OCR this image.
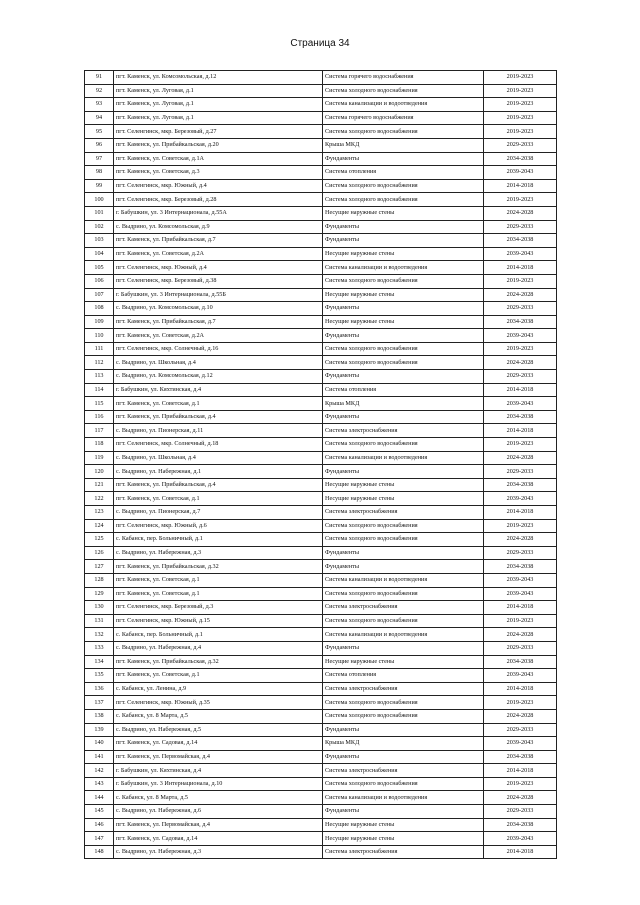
Страница 34
91	пгт. Каменск, ул. Комсомольская, д.12	Система горячего водоснабжения	2019-2023
92	пгт. Каменск, ул. Луговая, д.1	Система холодного водоснабжения	2019-2023
93	пгт. Каменск, ул. Луговая, д.1	Система канализации и водоотведения	2019-2023
94	пгт. Каменск, ул. Луговая, д.1	Система горячего водоснабжения	2019-2023
95	пгт. Селенгинск, мкр. Березовый, д.27	Система холодного водоснабжения	2019-2023
96	пгт. Каменск, ул. Прибайкальская, д.20	Крыша МКД	2029-2033
97	пгт. Каменск, ул. Советская, д.1А	Фундаменты	2034-2038
98	пгт. Каменск, ул. Советская, д.3	Система отопления	2039-2043
99	пгт. Селенгинск, мкр. Южный, д.4	Система холодного водоснабжения	2014-2018
100	пгт. Селенгинск, мкр. Березовый, д.28	Система холодного водоснабжения	2019-2023
101	г. Бабушкин, ул. 3 Интернационала, д.55А	Несущие наружные стены	2024-2028
102	с. Выдрино, ул. Комсомольская, д.9	Фундаменты	2029-2033
103	пгт. Каменск, ул. Прибайкальская, д.7	Фундаменты	2034-2038
104	пгт. Каменск, ул. Советская, д.2А	Несущие наружные стены	2039-2043
105	пгт. Селенгинск, мкр. Южный, д.4	Система канализации и водоотведения	2014-2018
106	пгт. Селенгинск, мкр. Березовый, д.38	Система холодного водоснабжения	2019-2023
107	г. Бабушкин, ул. 3 Интернационала, д.55Б	Несущие наружные стены	2024-2028
108	с. Выдрино, ул. Комсомольская, д.10	Фундаменты	2029-2033
109	пгт. Каменск, ул. Прибайкальская, д.7	Несущие наружные стены	2034-2038
110	пгт. Каменск, ул. Советская, д.2А	Фундаменты	2039-2043
111	пгт. Селенгинск, мкр. Солнечный, д.16	Система холодного водоснабжения	2019-2023
112	с. Выдрино, ул. Школьная, д.4	Система холодного водоснабжения	2024-2028
113	с. Выдрино, ул. Комсомольская, д.12	Фундаменты	2029-2033
114	г. Бабушкин, ул. Кяхтинская, д.4	Система отопления	2014-2018
115	пгт. Каменск, ул. Советская, д.1	Крыша МКД	2039-2043
116	пгт. Каменск, ул. Прибайкальская, д.4	Фундаменты	2034-2038
117	с. Выдрино, ул. Пионерская, д.11	Система электроснабжения	2014-2018
118	пгт. Селенгинск, мкр. Солнечный, д.18	Система холодного водоснабжения	2019-2023
119	с. Выдрино, ул. Школьная, д.4	Система канализации и водоотведения	2024-2028
120	с. Выдрино, ул. Набережная, д.1	Фундаменты	2029-2033
121	пгт. Каменск, ул. Прибайкальская, д.4	Несущие наружные стены	2034-2038
122	пгт. Каменск, ул. Советская, д.1	Несущие наружные стены	2039-2043
123	с. Выдрино, ул. Пионерская, д.7	Система электроснабжения	2014-2018
124	пгт. Селенгинск, мкр. Южный, д.6	Система холодного водоснабжения	2019-2023
125	с. Кабанск, пер. Больничный, д.1	Система холодного водоснабжения	2024-2028
126	с. Выдрино, ул. Набережная, д.3	Фундаменты	2029-2033
127	пгт. Каменск, ул. Прибайкальская, д.32	Фундаменты	2034-2038
128	пгт. Каменск, ул. Советская, д.1	Система канализации и водоотведения	2039-2043
129	пгт. Каменск, ул. Советская, д.1	Система холодного водоснабжения	2039-2043
130	пгт. Селенгинск, мкр. Березовый, д.3	Система электроснабжения	2014-2018
131	пгт. Селенгинск, мкр. Южный, д.15	Система холодного водоснабжения	2019-2023
132	с. Кабанск, пер. Больничный, д.1	Система канализации и водоотведения	2024-2028
133	с. Выдрино, ул. Набережная, д.4	Фундаменты	2029-2033
134	пгт. Каменск, ул. Прибайкальская, д.32	Несущие наружные стены	2034-2038
135	пгт. Каменск, ул. Советская, д.1	Система отопления	2039-2043
136	с. Кабанск, ул. Ленина, д.9	Система электроснабжения	2014-2018
137	пгт. Селенгинск, мкр. Южный, д.35	Система холодного водоснабжения	2019-2023
138	с. Кабанск, ул. 8 Марта, д.5	Система холодного водоснабжения	2024-2028
139	с. Выдрино, ул. Набережная, д.5	Фундаменты	2029-2033
140	пгт. Каменск, ул. Садовая, д.14	Крыша МКД	2039-2043
141	пгт. Каменск, ул. Первомайская, д.4	Фундаменты	2034-2038
142	г. Бабушкин, ул. Кяхтинская, д.4	Система электроснабжения	2014-2018
143	г. Бабушкин, ул. 3 Интернационала, д.10	Система холодного водоснабжения	2019-2023
144	с. Кабанск, ул. 8 Марта, д.5	Система канализации и водоотведения	2024-2028
145	с. Выдрино, ул. Набережная, д.6	Фундаменты	2029-2033
146	пгт. Каменск, ул. Первомайская, д.4	Несущие наружные стены	2034-2038
147	пгт. Каменск, ул. Садовая, д.14	Несущие наружные стены	2039-2043
148	с. Выдрино, ул. Набережная, д.3	Система электроснабжения	2014-2018
